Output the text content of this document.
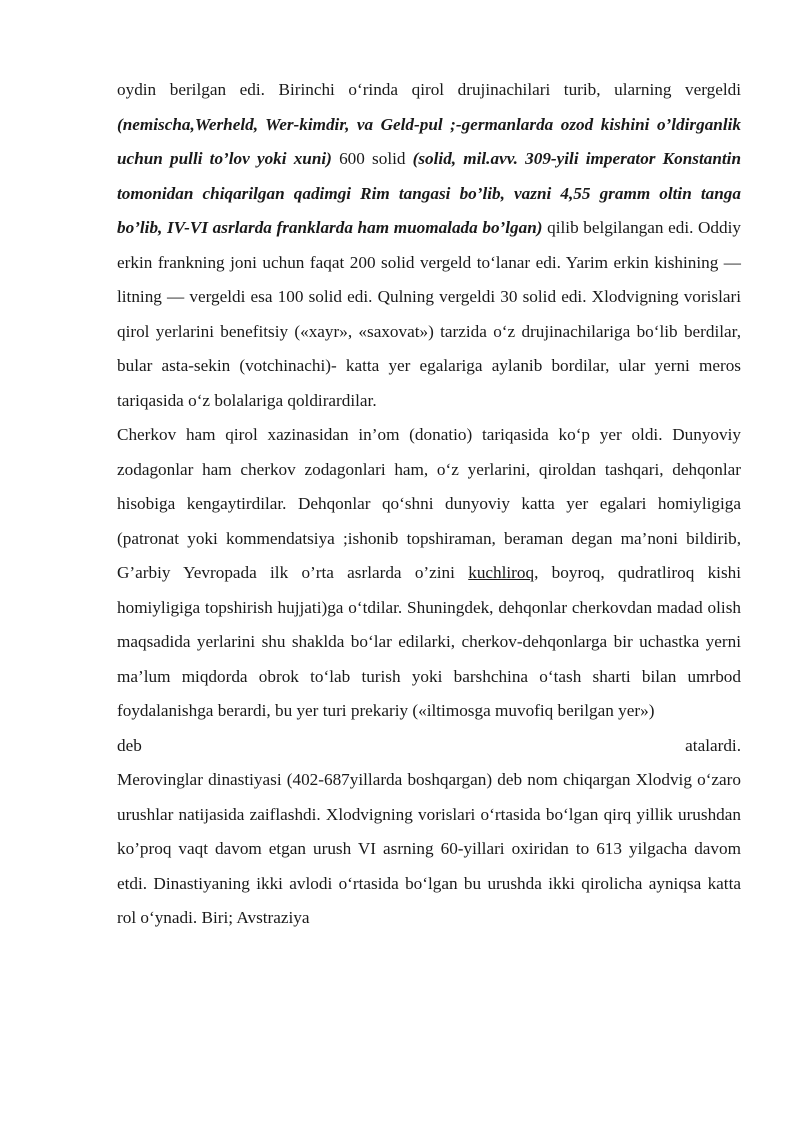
oydin berilgan edi. Birinchi oʻrinda qirol drujinachilari turib, ularning vergeldi (nemischa,Werheld, Wer-kimdir, va Geld-pul ;-germanlarda ozod kishini o’ldirganlik uchun pulli to’lov yoki xuni) 600 solid (solid, mil.avv. 309-yili imperator Konstantin tomonidan chiqarilgan qadimgi Rim tangasi bo’lib, vazni 4,55 gramm oltin tanga bo’lib, IV-VI asrlarda franklarda ham muomalada bo’lgan) qilib belgilangan edi. Oddiy erkin frankning joni uchun faqat 200 solid vergeld toʻlanar edi. Yarim erkin kishining — litning — vergeldi esa 100 solid edi. Qulning vergeldi 30 solid edi. Xlodvigning vorislari qirol yerlarini benefitsiy («xayr», «saxovat») tarzida oʻz drujinachilariga boʻlib berdilar, bular asta-sekin (votchinachi)- katta yer egalariga aylanib bordilar, ular yerni meros tariqasida oʻz bolalariga qoldirardilar.

Cherkov ham qirol xazinasidan in’om (donatio) tariqasida koʻp yer oldi. Dunyoviy zodagonlar ham cherkov zodagonlari ham, oʻz yerlarini, qiroldan tashqari, dehqonlar hisobiga kengaytirdilar. Dehqonlar qoʻshni dunyoviy katta yer egalari homiyligiga (patronat yoki kommendatsiya ;ishonib topshiraman, beraman degan ma’noni bildirib, G’arbiy Yevropada ilk o’rta asrlarda o’zini kuchliroq, boyroq, qudratliroq kishi homiyligiga topshirish hujjati)ga oʻtdilar. Shuningdek, dehqonlar cherkovdan madad olish maqsadida yerlarini shu shaklda boʻlar edilarki, cherkov-dehqonlarga bir uchastka yerni ma’lum miqdorda obrok toʻlab turish yoki barshchina oʻtash sharti bilan umrbod foydalanishga berardi, bu yer turi prekariy («iltimosga muvofiq berilgan yer»)

deb	atalardi.

Merovinglar dinastiyasi (402-687yillarda boshqargan) deb nom chiqargan Xlodvig oʻzaro urushlar natijasida zaiflashdi. Xlodvigning vorislari oʻrtasida boʻlgan qirq yillik urushdan ko’proq vaqt davom etgan urush VI asrning 60-yillari oxiridan to 613 yilgacha davom etdi. Dinastiyaning ikki avlodi oʻrtasida boʻlgan bu urushda ikki qirolicha ayniqsa katta rol oʻynadi. Biri; Avstraziya
